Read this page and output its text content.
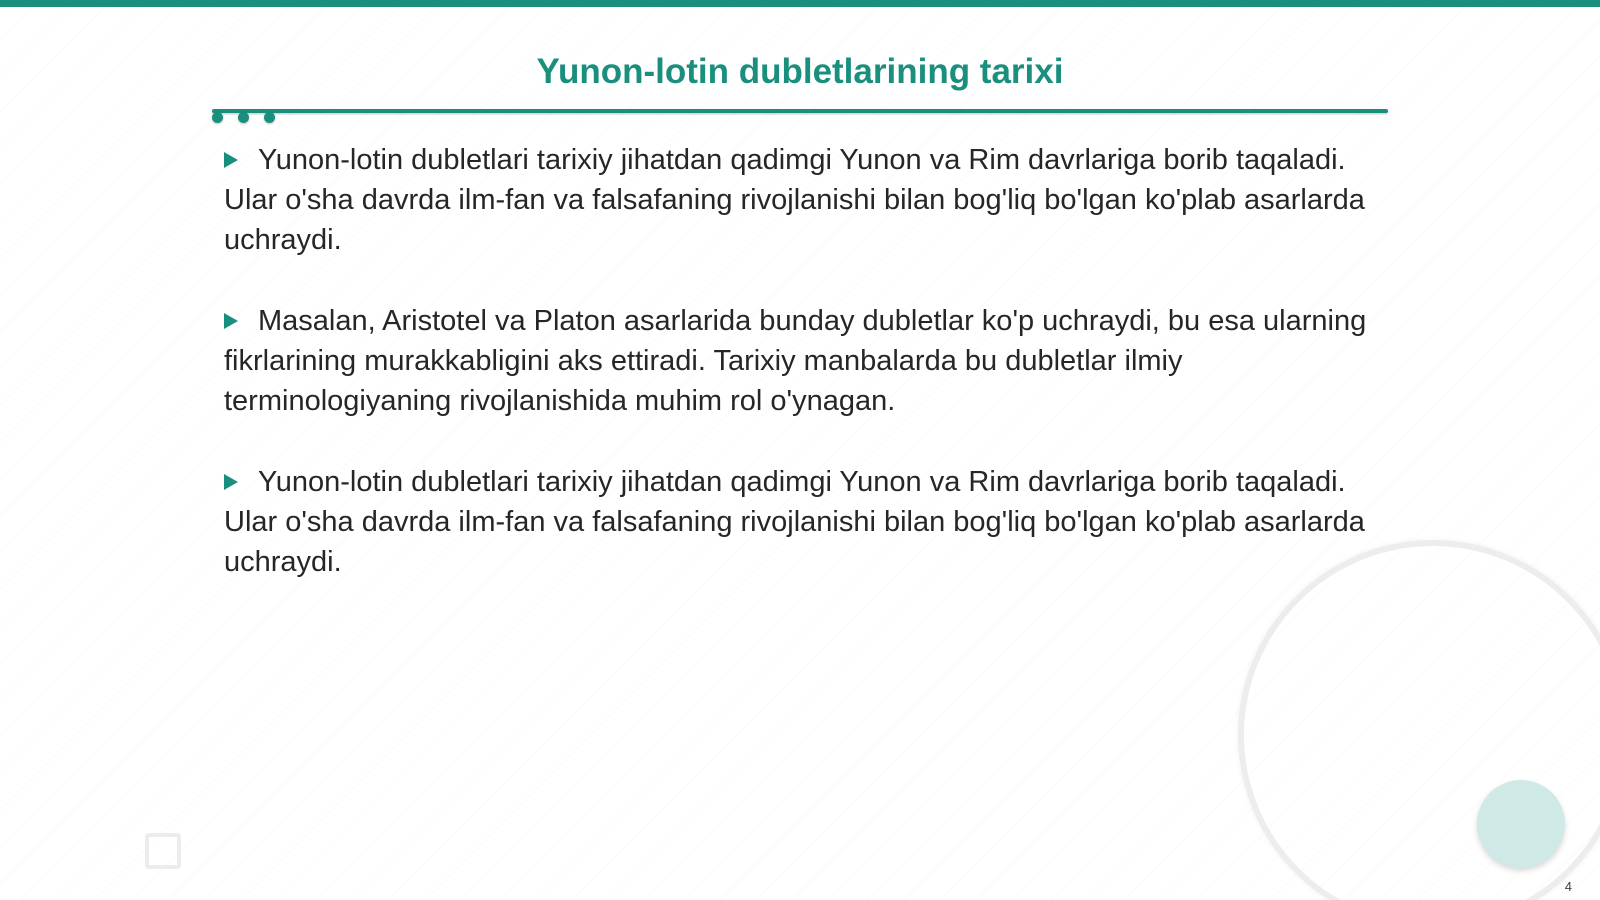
Yunon-lotin dubletlarining tarixi

Yunon-lotin dubletlari tarixiy jihatdan qadimgi Yunon va Rim davrlariga borib taqaladi. Ular o'sha davrda ilm-fan va falsafaning rivojlanishi bilan bog'liq bo'lgan ko'plab asarlarda uchraydi.

Masalan, Aristotel va Platon asarlarida bunday dubletlar ko'p uchraydi, bu esa ularning fikrlarining murakkabligini aks ettiradi. Tarixiy manbalarda bu dubletlar ilmiy terminologiyaning rivojlanishida muhim rol o'ynagan.

Yunon-lotin dubletlari tarixiy jihatdan qadimgi Yunon va Rim davrlariga borib taqaladi. Ular o'sha davrda ilm-fan va falsafaning rivojlanishi bilan bog'liq bo'lgan ko'plab asarlarda uchraydi.

4
